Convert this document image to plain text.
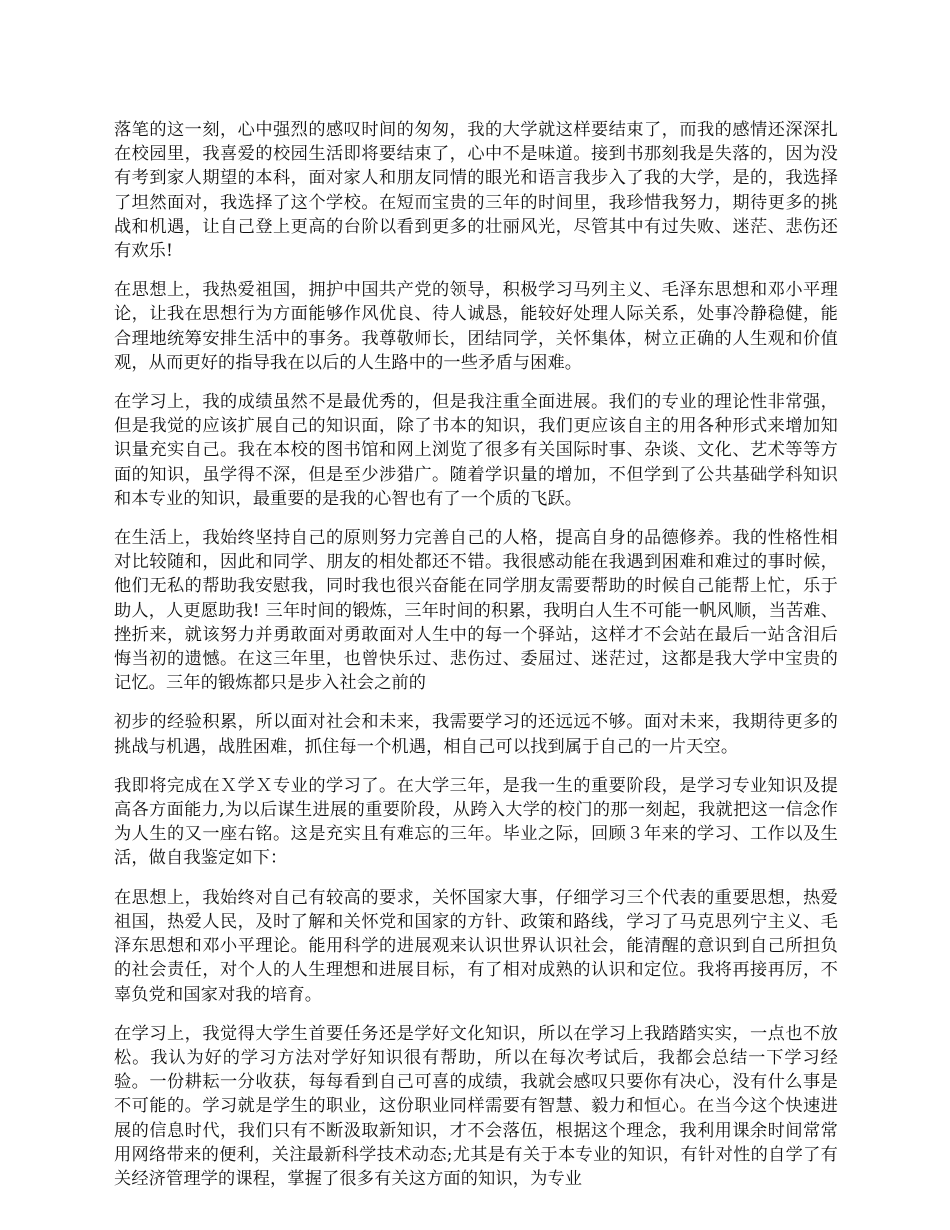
落笔的这一刻，心中强烈的感叹时间的匆匆，我的大学就这样要结束了，而我的感情还深深扎在校园里，我喜爱的校园生活即将要结束了，心中不是味道。接到书那刻我是失落的，因为没有考到家人期望的本科，面对家人和朋友同情的眼光和语言我步入了我的大学，是的，我选择了坦然面对，我选择了这个学校。在短而宝贵的三年的时间里，我珍惜我努力，期待更多的挑战和机遇，让自己登上更高的台阶以看到更多的壮丽风光，尽管其中有过失败、迷茫、悲伤还有欢乐!

在思想上，我热爱祖国，拥护中国共产党的领导，积极学习马列主义、毛泽东思想和邓小平理论，让我在思想行为方面能够作风优良、待人诚恳，能较好处理人际关系，处事冷静稳健，能合理地统筹安排生活中的事务。我尊敬师长，团结同学，关怀集体，树立正确的人生观和价值观，从而更好的指导我在以后的人生路中的一些矛盾与困难。

在学习上，我的成绩虽然不是最优秀的，但是我注重全面进展。我们的专业的理论性非常强，但是我觉的应该扩展自己的知识面，除了书本的知识，我们更应该自主的用各种形式来增加知识量充实自己。我在本校的图书馆和网上浏览了很多有关国际时事、杂谈、文化、艺术等等方面的知识，虽学得不深，但是至少涉猎广。随着学识量的增加，不但学到了公共基础学科知识和本专业的知识，最重要的是我的心智也有了一个质的飞跃。

在生活上，我始终坚持自己的原则努力完善自己的人格，提高自身的品德修养。我的性格性相对比较随和，因此和同学、朋友的相处都还不错。我很感动能在我遇到困难和难过的事时候，他们无私的帮助我安慰我，同时我也很兴奋能在同学朋友需要帮助的时候自己能帮上忙，乐于助人，人更愿助我! 三年时间的锻炼，三年时间的积累，我明白人生不可能一帆风顺，当苦难、挫折来，就该努力并勇敢面对勇敢面对人生中的每一个驿站，这样才不会站在最后一站含泪后悔当初的遗憾。在这三年里，也曾快乐过、悲伤过、委屈过、迷茫过，这都是我大学中宝贵的记忆。三年的锻炼都只是步入社会之前的

初步的经验积累，所以面对社会和未来，我需要学习的还远远不够。面对未来，我期待更多的挑战与机遇，战胜困难，抓住每一个机遇，相自己可以找到属于自己的一片天空。

我即将完成在Ｘ学Ｘ专业的学习了。在大学三年，是我一生的重要阶段，是学习专业知识及提高各方面能力,为以后谋生进展的重要阶段，从跨入大学的校门的那一刻起，我就把这一信念作为人生的又一座右铭。这是充实且有难忘的三年。毕业之际，回顾３年来的学习、工作以及生活，做自我鉴定如下：

在思想上，我始终对自己有较高的要求，关怀国家大事，仔细学习三个代表的重要思想，热爱祖国，热爱人民，及时了解和关怀党和国家的方针、政策和路线，学习了马克思列宁主义、毛泽东思想和邓小平理论。能用科学的进展观来认识世界认识社会，能清醒的意识到自己所担负的社会责任，对个人的人生理想和进展目标，有了相对成熟的认识和定位。我将再接再厉，不辜负党和国家对我的培育。

在学习上，我觉得大学生首要任务还是学好文化知识，所以在学习上我踏踏实实，一点也不放松。我认为好的学习方法对学好知识很有帮助，所以在每次考试后，我都会总结一下学习经验。一份耕耘一分收获，每每看到自己可喜的成绩，我就会感叹只要你有决心，没有什么事是不可能的。学习就是学生的职业，这份职业同样需要有智慧、毅力和恒心。在当今这个快速进展的信息时代，我们只有不断汲取新知识，才不会落伍，根据这个理念，我利用课余时间常常用网络带来的便利，关注最新科学技术动态;尤其是有关于本专业的知识，有针对性的自学了有关经济管理学的课程，掌握了很多有关这方面的知识，为专业
